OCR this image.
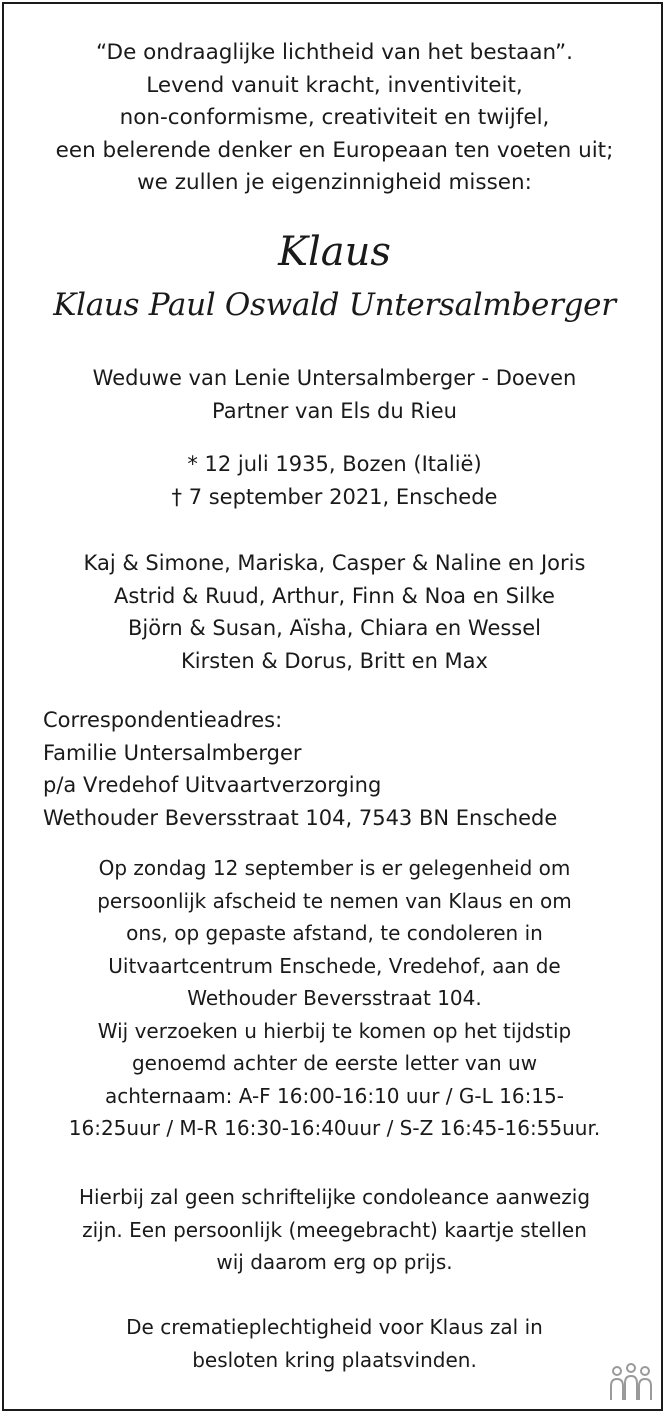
“De ondraaglijke lichtheid van het bestaan”.
Levend vanuit kracht, inventiviteit,
non-conformisme, creativiteit en twijfel,
een belerende denker en Europeaan ten voeten uit;
we zullen je eigenzinnigheid missen:

Klaus
Klaus Paul Oswald Untersalmberger

Weduwe van Lenie Untersalmberger - Doeven
Partner van Els du Rieu

* 12 juli 1935, Bozen (Italië)
† 7 september 2021, Enschede

Kaj & Simone, Mariska, Casper & Naline en Joris
Astrid & Ruud, Arthur, Finn & Noa en Silke
Björn & Susan, Aïsha, Chiara en Wessel
Kirsten & Dorus, Britt en Max

Correspondentieadres:
Familie Untersalmberger
p/a Vredehof Uitvaartverzorging
Wethouder Beversstraat 104, 7543 BN Enschede

Op zondag 12 september is er gelegenheid om
persoonlijk afscheid te nemen van Klaus en om
ons, op gepaste afstand, te condoleren in
Uitvaartcentrum Enschede, Vredehof, aan de
Wethouder Beversstraat 104.
Wij verzoeken u hierbij te komen op het tijdstip
genoemd achter de eerste letter van uw
achternaam: A-F 16:00-16:10 uur / G-L 16:15-
16:25uur / M-R 16:30-16:40uur / S-Z 16:45-16:55uur.

Hierbij zal geen schriftelijke condoleance aanwezig
zijn. Een persoonlijk (meegebracht) kaartje stellen
wij daarom erg op prijs.

De crematieplechtigheid voor Klaus zal in
besloten kring plaatsvinden.
